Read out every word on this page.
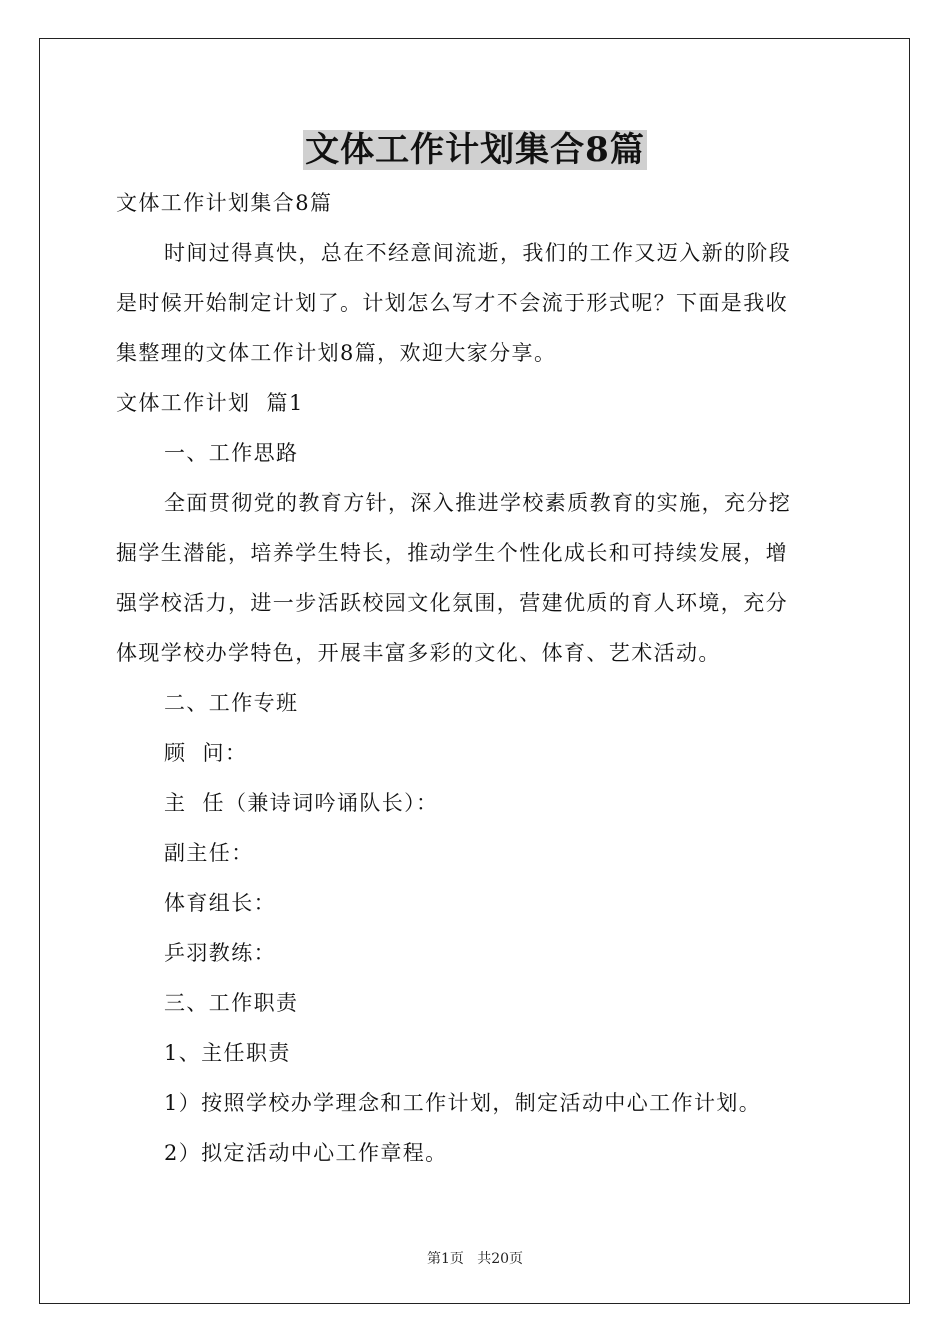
文体工作计划集合8篇
文体工作计划集合8篇
时间过得真快，总在不经意间流逝，我们的工作又迈入新的阶段
是时候开始制定计划了。计划怎么写才不会流于形式呢？下面是我收
集整理的文体工作计划8篇，欢迎大家分享。
文体工作计划  篇1
一、工作思路
全面贯彻党的教育方针，深入推进学校素质教育的实施，充分挖
掘学生潜能，培养学生特长，推动学生个性化成长和可持续发展，增
强学校活力，进一步活跃校园文化氛围，营建优质的育人环境，充分
体现学校办学特色，开展丰富多彩的文化、体育、艺术活动。
二、工作专班
顾  问：
主  任（兼诗词吟诵队长）：
副主任：
体育组长：
乒羽教练：
三、工作职责
1、主任职责
1）按照学校办学理念和工作计划，制定活动中心工作计划。
2）拟定活动中心工作章程。
第1页   共20页
